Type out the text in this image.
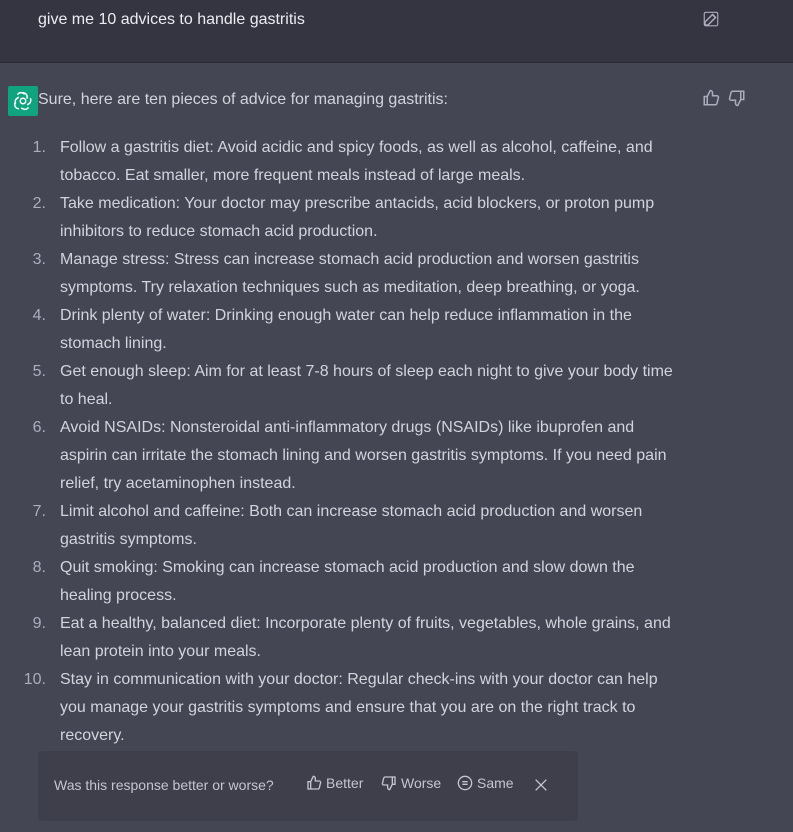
give me 10 advices to handle gastritis
Sure, here are ten pieces of advice for managing gastritis:
1. Follow a gastritis diet: Avoid acidic and spicy foods, as well as alcohol, caffeine, and
tobacco. Eat smaller, more frequent meals instead of large meals.
2. Take medication: Your doctor may prescribe antacids, acid blockers, or proton pump
inhibitors to reduce stomach acid production.
3. Manage stress: Stress can increase stomach acid production and worsen gastritis
symptoms. Try relaxation techniques such as meditation, deep breathing, or yoga.
4. Drink plenty of water: Drinking enough water can help reduce inflammation in the
stomach lining.
5. Get enough sleep: Aim for at least 7-8 hours of sleep each night to give your body time
to heal.
6. Avoid NSAIDs: Nonsteroidal anti-inflammatory drugs (NSAIDs) like ibuprofen and
aspirin can irritate the stomach lining and worsen gastritis symptoms. If you need pain
relief, try acetaminophen instead.
7. Limit alcohol and caffeine: Both can increase stomach acid production and worsen
gastritis symptoms.
8. Quit smoking: Smoking can increase stomach acid production and slow down the
healing process.
9. Eat a healthy, balanced diet: Incorporate plenty of fruits, vegetables, whole grains, and
lean protein into your meals.
10. Stay in communication with your doctor: Regular check-ins with your doctor can help
you manage your gastritis symptoms and ensure that you are on the right track to
recovery.
Was this response better or worse?	Better	Worse	Same
